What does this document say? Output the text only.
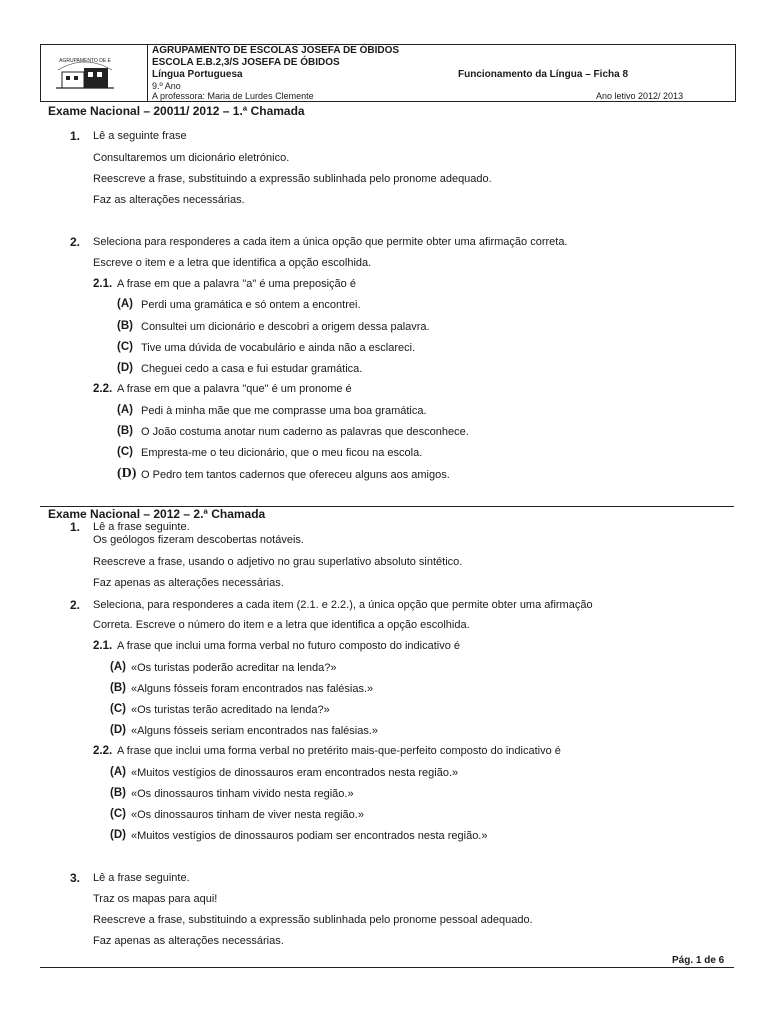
AGRUPAMENTO DE E
AGRUPAMENTO DE ESCOLAS JOSEFA DE ÓBIDOS
ESCOLA E.B.2,3/S JOSEFA DE ÓBIDOS
Língua Portuguesa	Funcionamento da Língua – Ficha 8
9.º Ano
A professora: Maria de Lurdes Clemente	Ano letivo 2012/ 2013
Exame Nacional – 20011/ 2012 – 1.ª Chamada
1. Lê a seguinte frase
Consultaremos um dicionário eletrónico.
Reescreve a frase, substituindo a expressão sublinhada pelo pronome adequado.
Faz as alterações necessárias.
2. Seleciona para responderes a cada item a única opção que permite obter uma afirmação correta.
Escreve o item e a letra que identifica a opção escolhida.
2.1. A frase em que a palavra "a" é uma preposição é
(A) Perdi uma gramática e só ontem a encontrei.
(B) Consultei um dicionário e descobri a origem dessa palavra.
(C) Tive uma dúvida de vocabulário e ainda não a esclareci.
(D) Cheguei cedo a casa e fui estudar gramática.
2.2. A frase em que a palavra "que" é um pronome é
(A) Pedi à minha mãe que me comprasse uma boa gramática.
(B) O João costuma anotar num caderno as palavras que desconhece.
(C) Empresta-me o teu dicionário, que o meu ficou na escola.
(D) O Pedro tem tantos cadernos que ofereceu alguns aos amigos.
Exame Nacional – 2012 – 2.ª Chamada
1. Lê a frase seguinte.
Os geólogos fizeram descobertas notáveis.
Reescreve a frase, usando o adjetivo no grau superlativo absoluto sintético.
Faz apenas as alterações necessárias.
2. Seleciona, para responderes a cada item (2.1. e 2.2.), a única opção que permite obter uma afirmação
Correta. Escreve o número do item e a letra que identifica a opção escolhida.
2.1. A frase que inclui uma forma verbal no futuro composto do indicativo é
(A) «Os turistas poderão acreditar na lenda?»
(B) «Alguns fósseis foram encontrados nas falésias.»
(C) «Os turistas terão acreditado na lenda?»
(D) «Alguns fósseis seriam encontrados nas falésias.»
2.2. A frase que inclui uma forma verbal no pretérito mais-que-perfeito composto do indicativo é
(A) «Muitos vestígios de dinossauros eram encontrados nesta região.»
(B) «Os dinossauros tinham vivido nesta região.»
(C) «Os dinossauros tinham de viver nesta região.»
(D) «Muitos vestígios de dinossauros podiam ser encontrados nesta região.»
3. Lê a frase seguinte.
Traz os mapas para aqui!
Reescreve a frase, substituindo a expressão sublinhada pelo pronome pessoal adequado.
Faz apenas as alterações necessárias.
Pág. 1 de 6
